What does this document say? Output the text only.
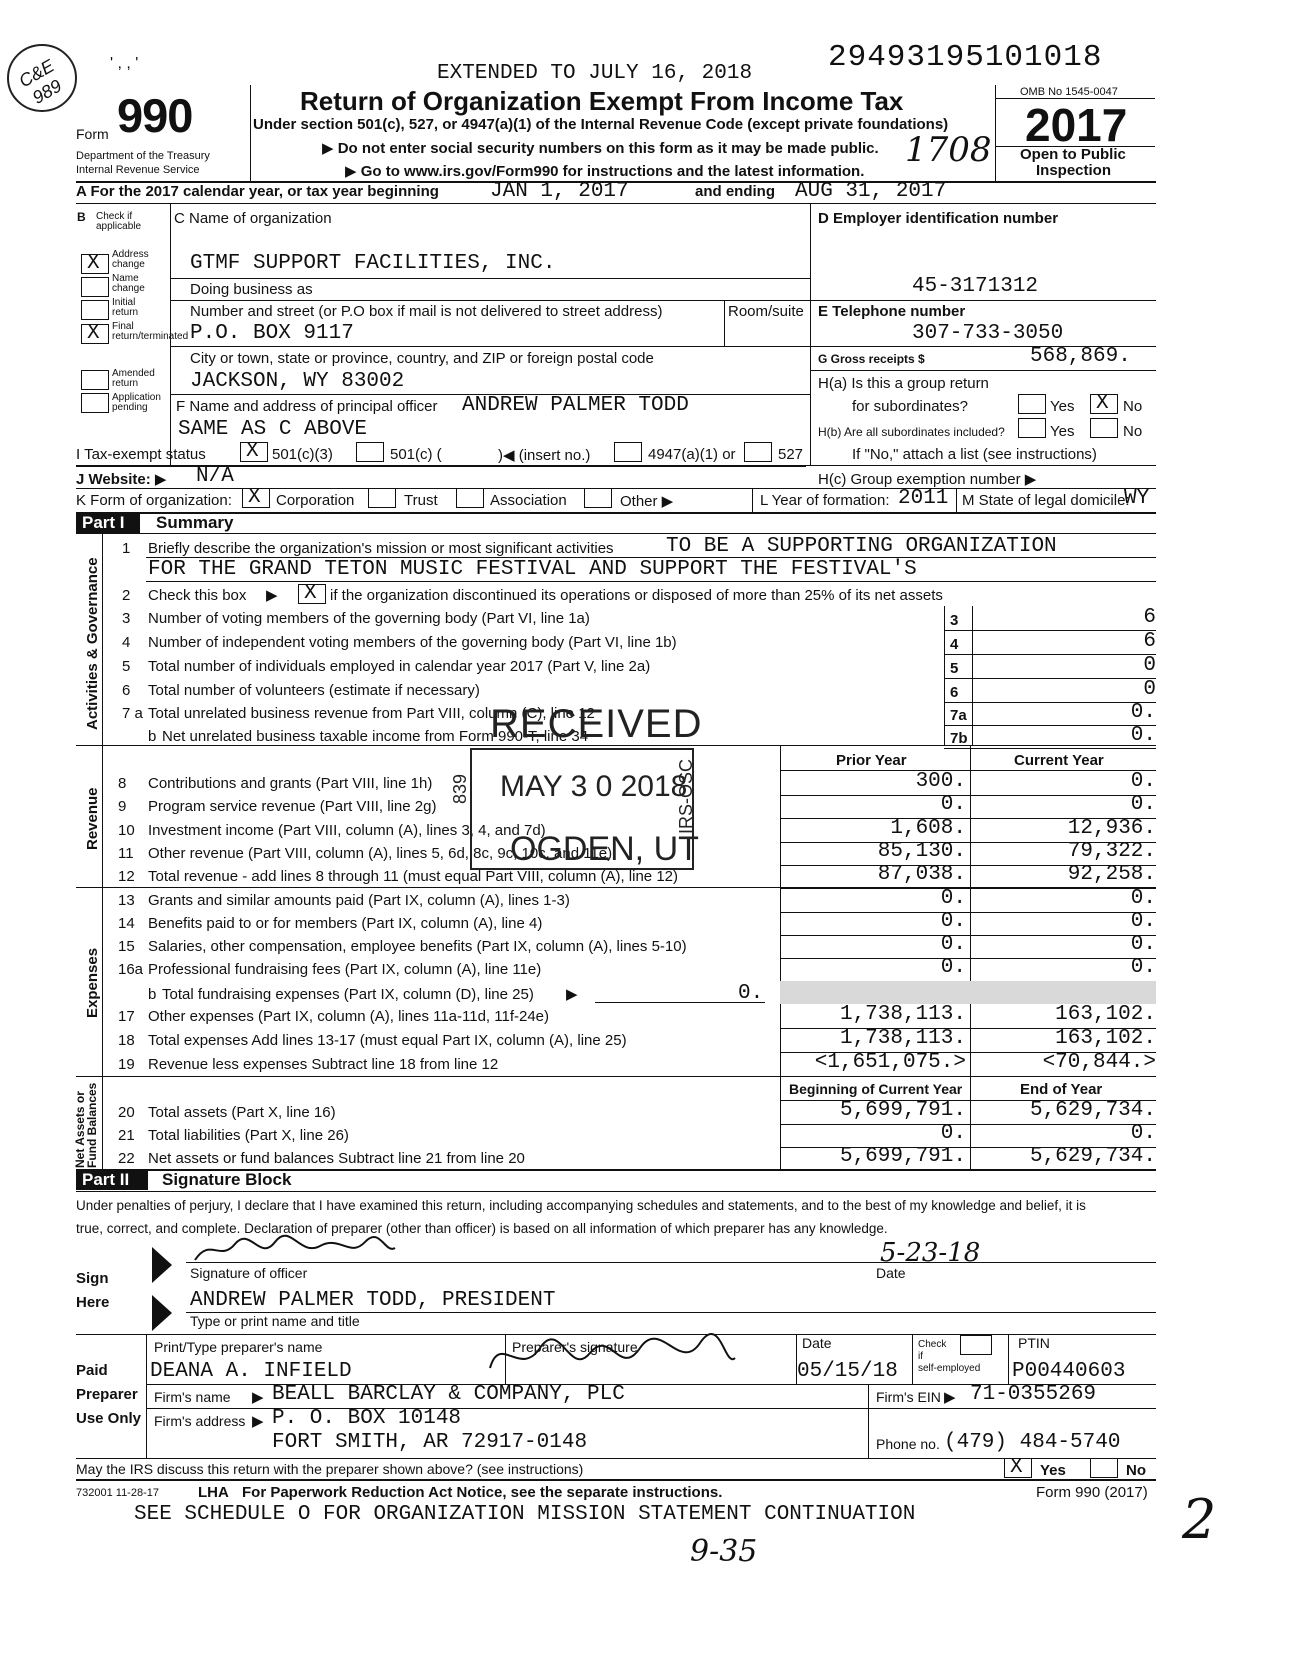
C&E 989
' , , '	EXTENDED TO JULY 16, 2018 29493195101018
Form 990
Department of the Treasury
Internal Revenue Service
Return of Organization Exempt From Income Tax
Under section 501(c), 527, or 4947(a)(1) of the Internal Revenue Code (except private foundations)
▶ Do not enter social security numbers on this form as it may be made public.
▶ Go to www.irs.gov/Form990 for instructions and the latest information.
1708
OMB No 1545-0047
2017
Open to Public
Inspection
A For the 2017 calendar year, or tax year beginning JAN 1, 2017	and ending AUG 31, 2017
B Check if applicable
X Address change
Name change
Initial return
X Final return/terminated
Amended return
Application pending
C Name of organization
GTMF SUPPORT FACILITIES, INC.
Doing business as
Number and street (or P.O box if mail is not delivered to street address)	Room/suite
P.O. BOX 9117
City or town, state or province, country, and ZIP or foreign postal code
JACKSON, WY 83002
F Name and address of principal officer ANDREW PALMER TODD
SAME AS C ABOVE
D Employer identification number
45-3171312
E Telephone number
307-733-3050
G Gross receipts $	568,869.
H(a) Is this a group return
for subordinates?	Yes X No
H(b) Are all subordinates included?	Yes	No
If "No," attach a list (see instructions)
I Tax-exempt status X 501(c)(3)	501(c) (	)◀ (insert no.)	4947(a)(1) or	527
J Website: ▶ N/A	H(c) Group exemption number ▶
K Form of organization: X Corporation	Trust	Association	Other ▶	L Year of formation: 2011 M State of legal domicile:
WY
Part I Summary
Activities & Governance
Revenue
Expenses
Net Assets or Fund Balances
1 Briefly describe the organization's mission or most significant activities TO BE A SUPPORTING ORGANIZATION
FOR THE GRAND TETON MUSIC FESTIVAL AND SUPPORT THE FESTIVAL'S
2 Check this box ▶ X if the organization discontinued its operations or disposed of more than 25% of its net assets
3 Number of voting members of the governing body (Part VI, line 1a)	3	6
4 Number of independent voting members of the governing body (Part VI, line 1b)	4	6
5 Total number of individuals employed in calendar year 2017 (Part V, line 2a)	5	0
6 Total number of volunteers (estimate if necessary)	6	0
7 a Total unrelated business revenue from Part VIII, column (C), line 12	7a	0.
b Net unrelated business taxable income from Form 990-T, line 34	7b	0.
Prior Year	Current Year
8 Contributions and grants (Part VIII, line 1h)	300.	0.
9 Program service revenue (Part VIII, line 2g)	0.	0.
10 Investment income (Part VIII, column (A), lines 3, 4, and 7d)	1,608.	12,936.
11 Other revenue (Part VIII, column (A), lines 5, 6d, 8c, 9c, 10c, and 11e)	85,130.	79,322.
12 Total revenue - add lines 8 through 11 (must equal Part VIII, column (A), line 12)	87,038.	92,258.
13 Grants and similar amounts paid (Part IX, column (A), lines 1-3)	0.	0.
14 Benefits paid to or for members (Part IX, column (A), line 4)	0.	0.
15 Salaries, other compensation, employee benefits (Part IX, column (A), lines 5-10)	0.	0.
16a Professional fundraising fees (Part IX, column (A), line 11e)	0.	0.
b Total fundraising expenses (Part IX, column (D), line 25) ▶	0.
17 Other expenses (Part IX, column (A), lines 11a-11d, 11f-24e)	1,738,113.	163,102.
18 Total expenses Add lines 13-17 (must equal Part IX, column (A), line 25)	1,738,113.	163,102.
19 Revenue less expenses Subtract line 18 from line 12	<1,651,075.>	<70,844.>
Beginning of Current Year	End of Year
20 Total assets (Part X, line 16)	5,699,791.	5,629,734.
21 Total liabilities (Part X, line 26)	0.	0.
22 Net assets or fund balances Subtract line 21 from line 20	5,699,791.	5,629,734.
RECEIVED
MAY 3 0 2018
839	IRS-OSC
OGDEN, UT
Part II Signature Block
Under penalties of perjury, I declare that I have examined this return, including accompanying schedules and statements, and to the best of my knowledge and belief, it is
true, correct, and complete. Declaration of preparer (other than officer) is based on all information of which preparer has any knowledge.
Sign
Here
Signature of officer
5-23-18
Date
ANDREW PALMER TODD, PRESIDENT
Type or print name and title
Paid
Preparer
Use Only
Print/Type preparer's name	Preparer's signature	Date	Check
if
self-employed
PTIN
DEANA A. INFIELD	05/15/18	P00440603
Firm's name ▶ BEALL BARCLAY & COMPANY, PLC	Firm's EIN ▶ 71-0355269
Firm's address ▶ P. O. BOX 10148
FORT SMITH, AR 72917-0148	Phone no. (479) 484-5740
May the IRS discuss this return with the preparer shown above? (see instructions)	X Yes	No
732001 11-28-17	LHA For Paperwork Reduction Act Notice, see the separate instructions.	Form 990 (2017)
SEE SCHEDULE O FOR ORGANIZATION MISSION STATEMENT CONTINUATION
9-35
2
